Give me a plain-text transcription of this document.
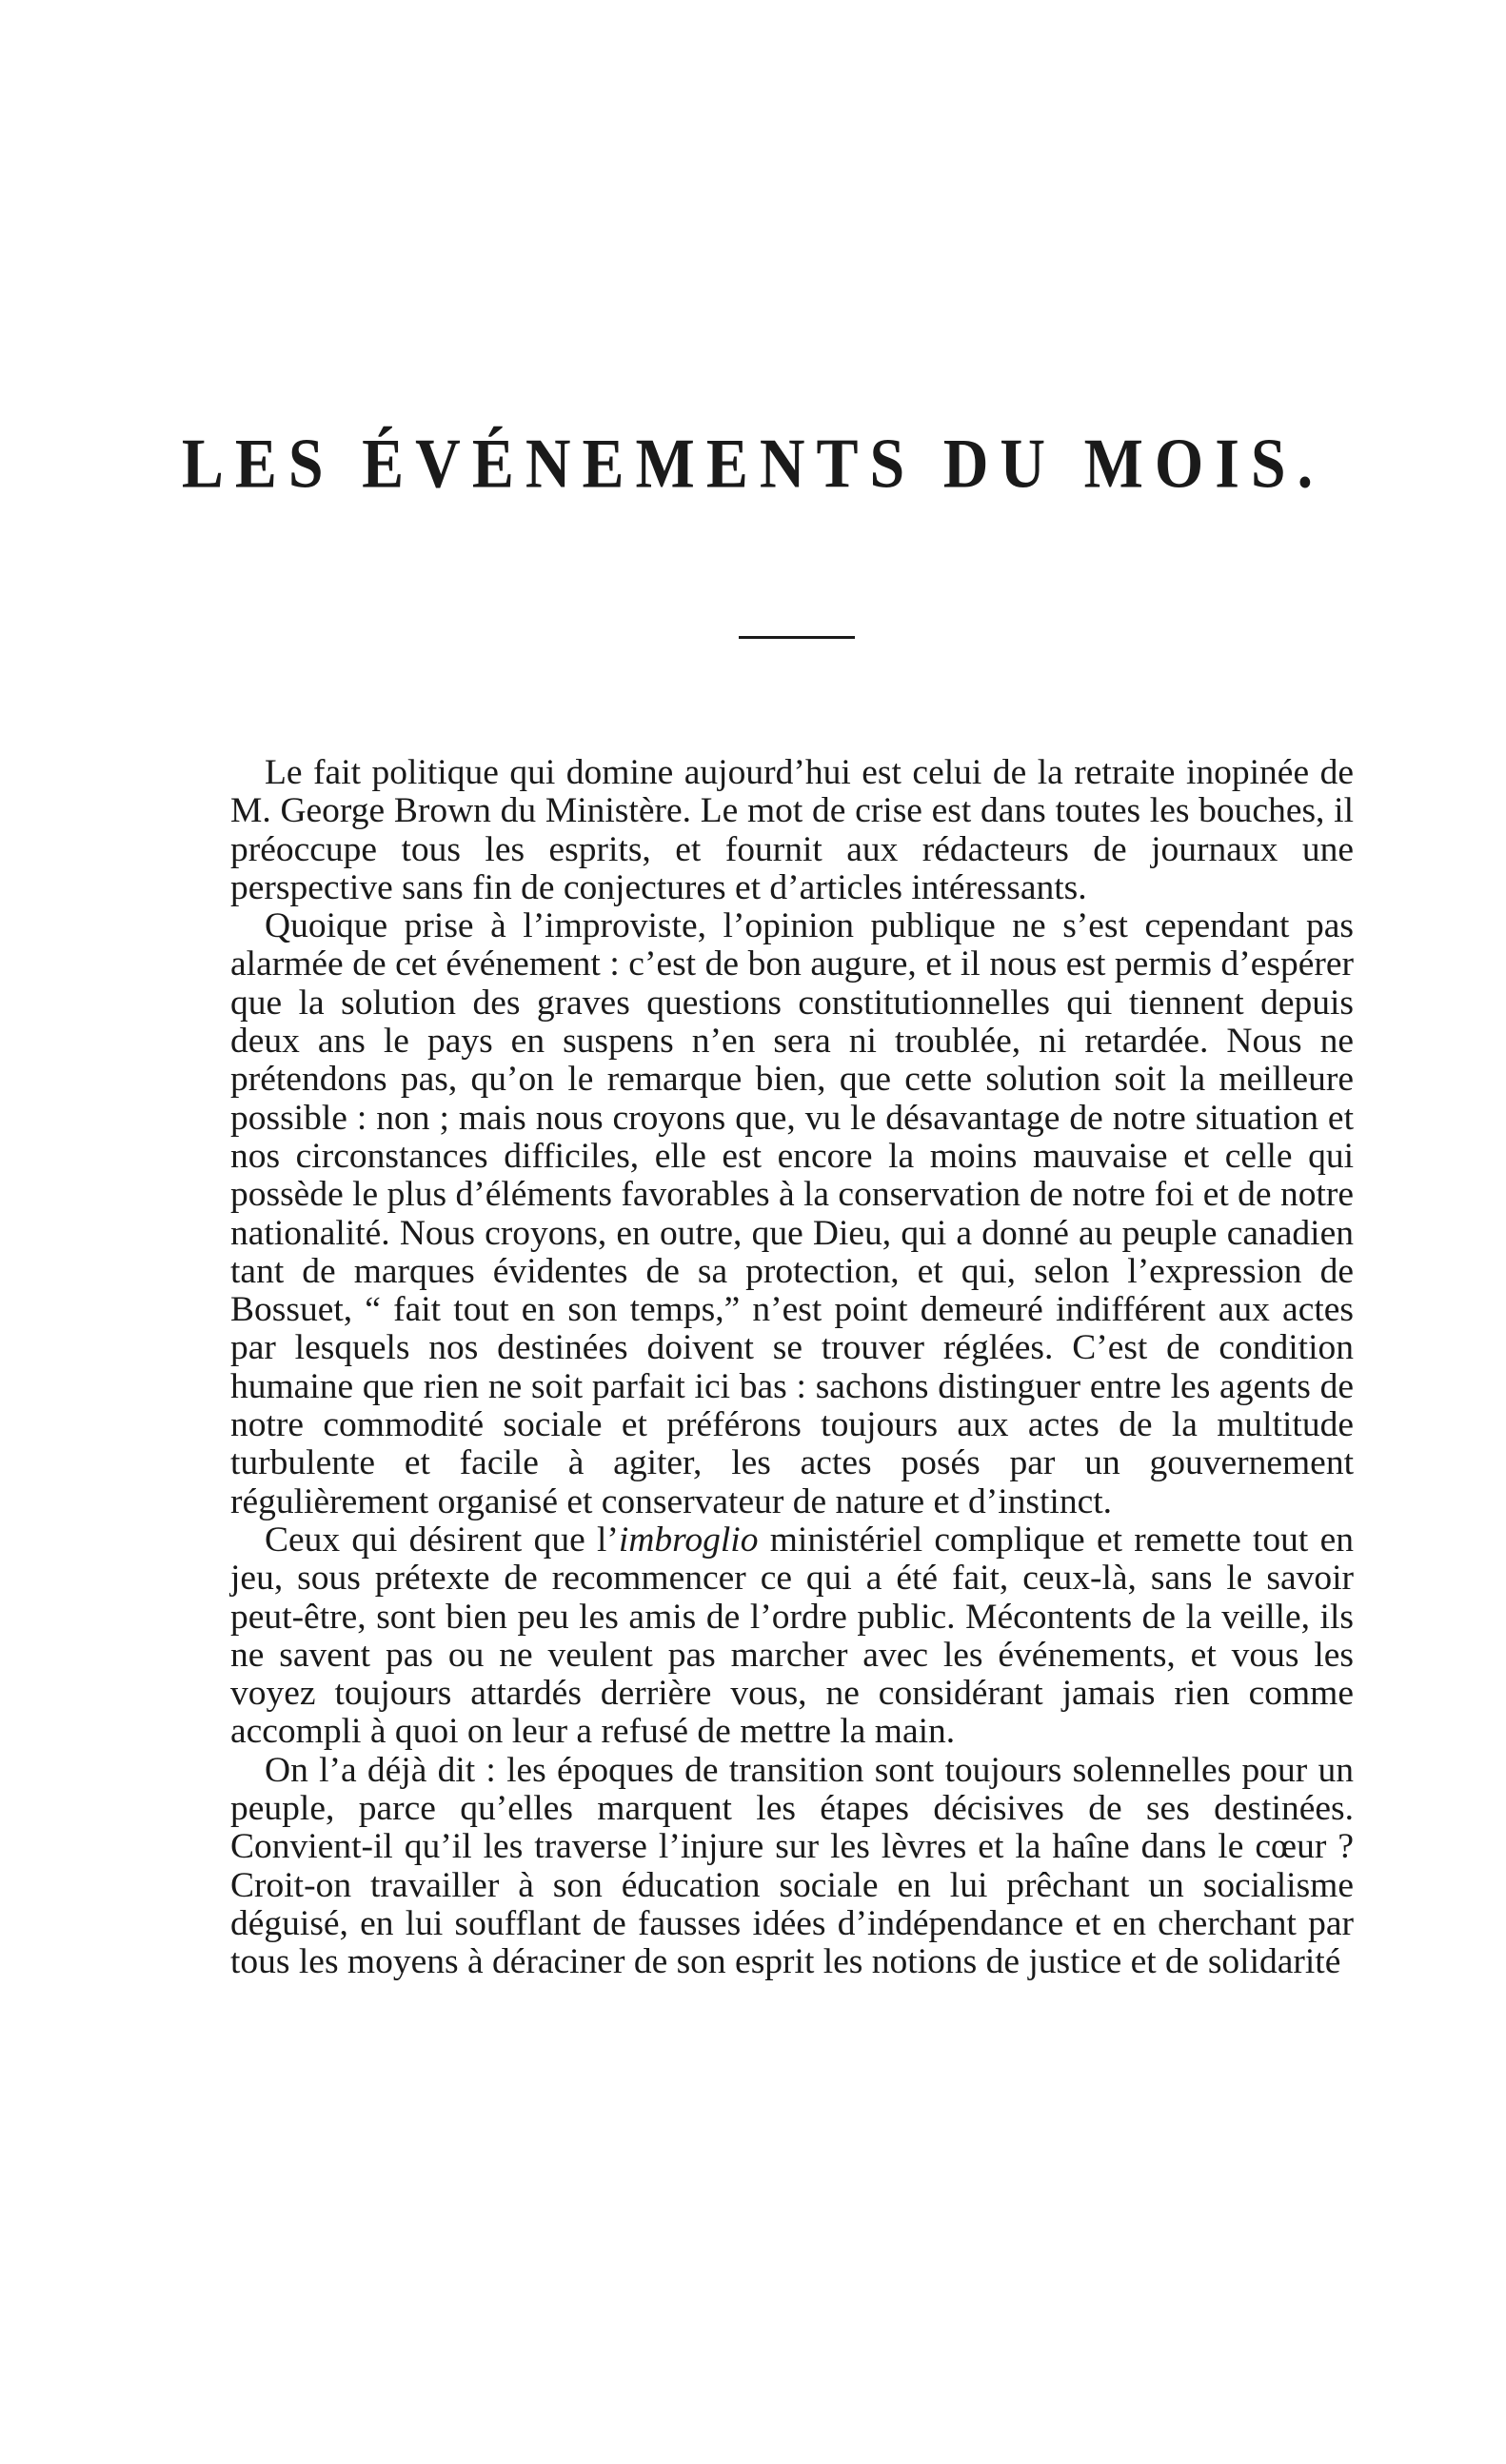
LES ÉVÉNEMENTS DU MOIS.

Le fait politique qui domine aujourd’hui est celui de la retraite inopinée de M. George Brown du Ministère. Le mot de crise est dans toutes les bouches, il préoccupe tous les esprits, et fournit aux rédacteurs de journaux une perspective sans fin de conjectures et d’articles intéressants.

Quoique prise à l’improviste, l’opinion publique ne s’est cependant pas alarmée de cet événement : c’est de bon augure, et il nous est permis d’espérer que la solution des graves questions constitutionnelles qui tiennent depuis deux ans le pays en suspens n’en sera ni troublée, ni retardée. Nous ne prétendons pas, qu’on le remarque bien, que cette solution soit la meilleure possible : non ; mais nous croyons que, vu le désavantage de notre situation et nos circonstances difficiles, elle est encore la moins mauvaise et celle qui possède le plus d’éléments favorables à la conservation de notre foi et de notre nationalité. Nous croyons, en outre, que Dieu, qui a donné au peuple canadien tant de marques évidentes de sa protection, et qui, selon l’expression de Bossuet, “ fait tout en son temps,” n’est point demeuré indifférent aux actes par lesquels nos destinées doivent se trouver réglées. C’est de condition humaine que rien ne soit parfait ici bas : sachons distinguer entre les agents de notre commodité sociale et préférons toujours aux actes de la multitude turbulente et facile à agiter, les actes posés par un gouvernement régulièrement organisé et conservateur de nature et d’instinct.

Ceux qui désirent que l’imbroglio ministériel complique et remette tout en jeu, sous prétexte de recommencer ce qui a été fait, ceux-là, sans le savoir peut-être, sont bien peu les amis de l’ordre public. Mécontents de la veille, ils ne savent pas ou ne veulent pas marcher avec les événements, et vous les voyez toujours attardés derrière vous, ne considérant jamais rien comme accompli à quoi on leur a refusé de mettre la main.

On l’a déjà dit : les époques de transition sont toujours solennelles pour un peuple, parce qu’elles marquent les étapes décisives de ses destinées. Convient-il qu’il les traverse l’injure sur les lèvres et la haîne dans le cœur ? Croit-on travailler à son éducation sociale en lui prêchant un socialisme déguisé, en lui soufflant de fausses idées d’indépendance et en cherchant par tous les moyens à déraciner de son esprit les notions de justice et de solidarité
